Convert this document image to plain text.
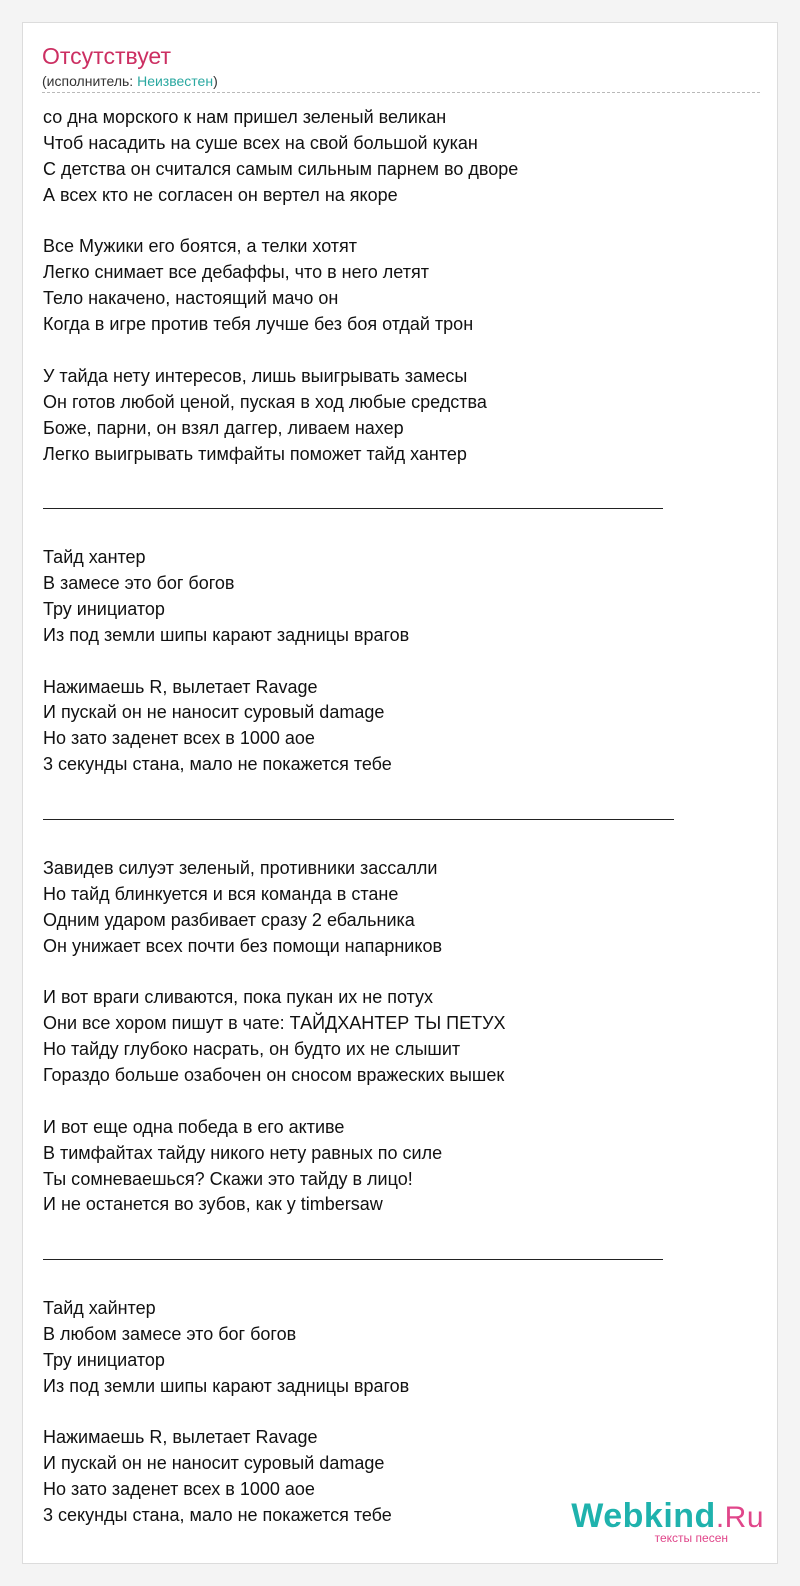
Отсутствует
(исполнитель: Неизвестен)
со дна морского к нам пришел зеленый великан
Чтоб насадить на суше всех на свой большой кукан
С детства он считался самым сильным парнем во дворе
А всех кто не согласен он вертел на якоре
Все Мужики его боятся, а телки хотят
Легко снимает все дебаффы, что в него летят
Тело накачено, настоящий мачо он
Когда в игре против тебя лучше без боя отдай трон
У тайда нету интересов, лишь выигрывать замесы
Он готов любой ценой, пуская в ход любые средства
Боже, парни, он взял даггер, ливаем нахер
Легко выигрывать тимфайты поможет тайд хантер
Тайд хантер
В замесе это бог богов
Тру инициатор
Из под земли шипы карают задницы врагов
Нажимаешь R, вылетает Ravage
И пускай он не наносит суровый damage
Но зато заденет всех в 1000 аое
3 секунды стана, мало не покажется тебе
Завидев силуэт зеленый, противники зассалли
Но тайд блинкуется и вся команда в стане
Одним ударом разбивает сразу 2 ебальника
Он унижает всех почти без помощи напарников
И вот враги сливаются, пока пукан их не потух
Они все хором пишут в чате: ТАЙДХАНТЕР ТЫ ПЕТУХ
Но тайду глубоко насрать, он будто их не слышит
Гораздо больше озабочен он сносом вражеских вышек
И вот еще одна победа в его активе
В тимфайтах тайду никого нету равных по силе
Ты сомневаешься? Скажи это тайду в лицо!
И не останется во зубов, как у timbersaw
Тайд хайнтер
В любом замесе это бог богов
Тру инициатор
Из под земли шипы карают задницы врагов
Нажимаешь R, вылетает Ravage
И пускай он не наносит суровый damage
Но зато заденет всех в 1000 аое
3 секунды стана, мало не покажется тебе	Webkind.Ru
тексты песен
